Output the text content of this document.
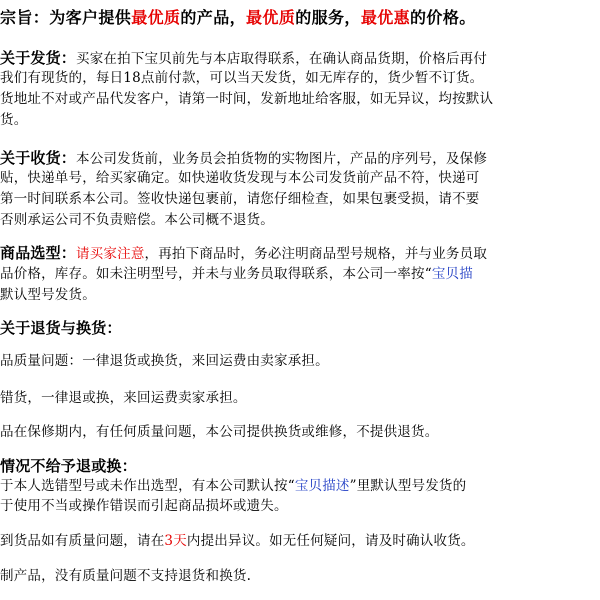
宗旨：为客户提供最优质的产品，最优质的服务，最优惠的价格。
关于发货：买家在拍下宝贝前先与本店取得联系，在确认商品货期，价格后再付
我们有现货的，每日18点前付款，可以当天发货，如无库存的，货少暂不订货。
货地址不对或产品代发客户，请第一时间，发新地址给客服，如无异议，均按默认
货。
关于收货：本公司发货前，业务员会拍货物的实物图片，产品的序列号，及保修
贴，快递单号，给买家确定。如快递收货发现与本公司发货前产品不符，快递可
第一时间联系本公司。签收快递包裹前，请您仔细检查，如果包裹受损，请不要
否则承运公司不负责赔偿。本公司概不退货。
商品选型：请买家注意，再拍下商品时，务必注明商品型号规格，并与业务员取
品价格，库存。如未注明型号，并未与业务员取得联系，本公司一率按“宝贝描
默认型号发货。
关于退货与换货：
品质量问题：一律退货或换货，来回运费由卖家承担。
错货，一律退或换，来回运费卖家承担。
品在保修期内，有任何质量问题，本公司提供换货或维修，不提供退货。
情况不给予退或换：
于本人选错型号或未作出选型，有本公司默认按“宝贝描述”里默认型号发货的
于使用不当或操作错误而引起商品损坏或遗失。
到货品如有质量问题，请在3天内提出异议。如无任何疑问，请及时确认收货。
制产品，没有质量问题不支持退货和换货.
